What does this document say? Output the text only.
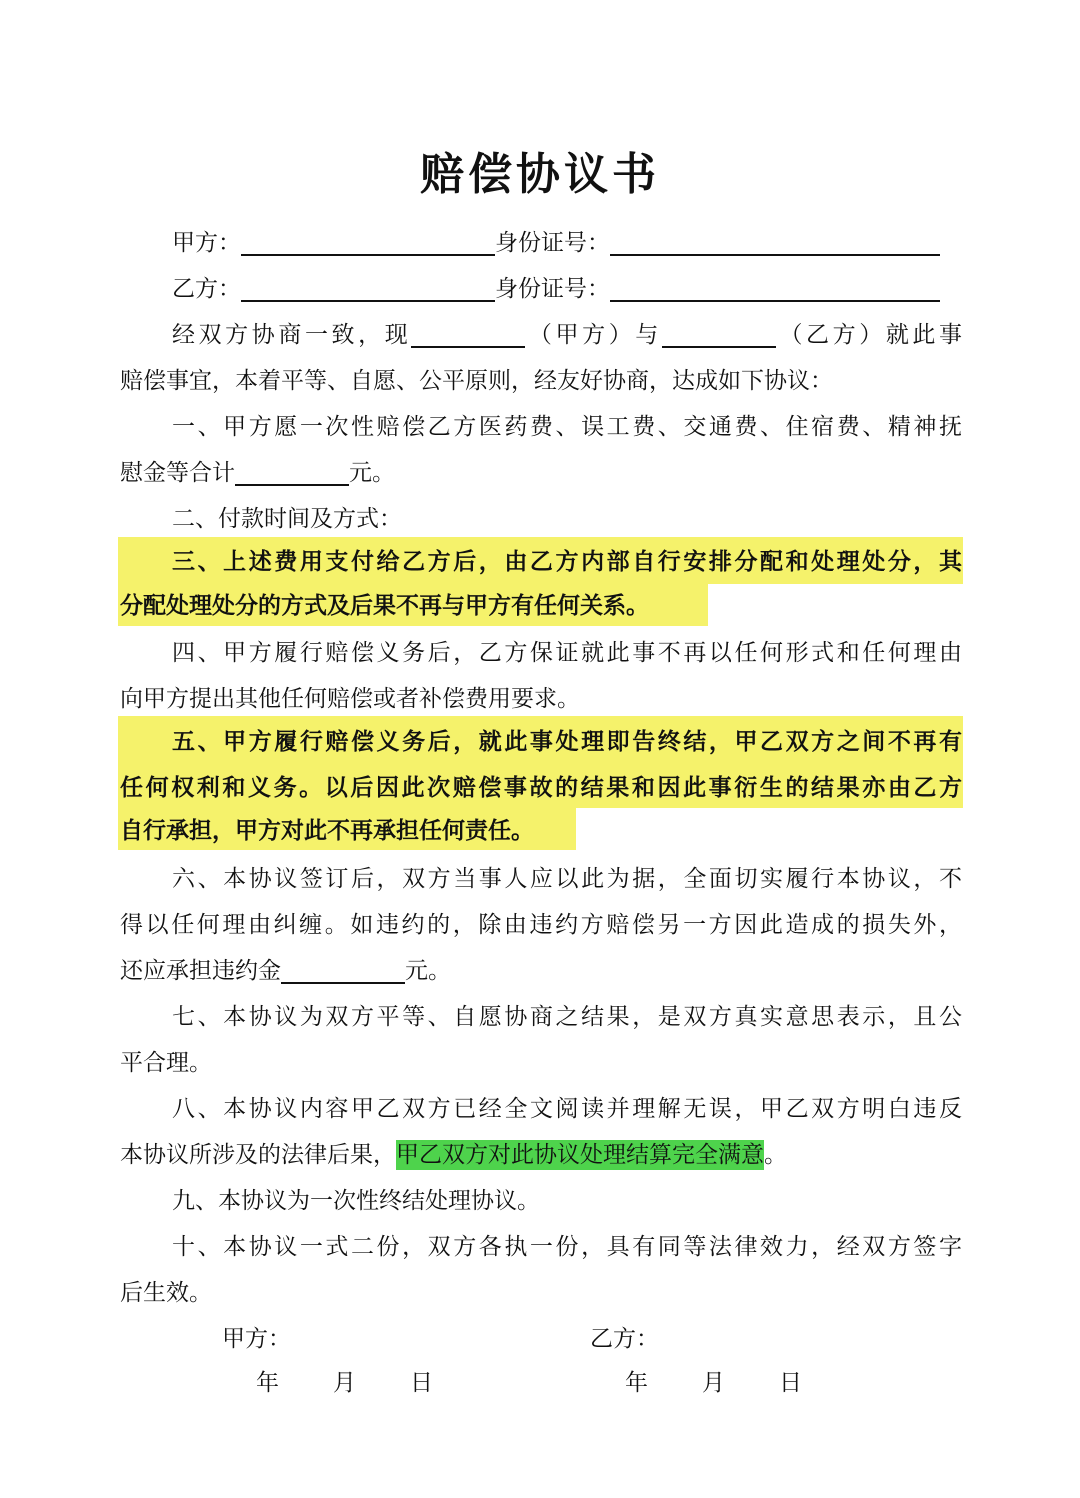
赔偿协议书
甲方：	身份证号：
乙方：	身份证号：
经双方协商一致，现	（甲方）与	（乙方）就此事
赔偿事宜，本着平等、自愿、公平原则，经友好协商，达成如下协议：
一、甲方愿一次性赔偿乙方医药费、误工费、交通费、住宿费、精神抚
慰金等合计	元。
二、付款时间及方式：
三、上述费用支付给乙方后，由乙方内部自行安排分配和处理处分，其
分配处理处分的方式及后果不再与甲方有任何关系。
四、甲方履行赔偿义务后，乙方保证就此事不再以任何形式和任何理由
向甲方提出其他任何赔偿或者补偿费用要求。
五、甲方履行赔偿义务后，就此事处理即告终结，甲乙双方之间不再有
任何权利和义务。以后因此次赔偿事故的结果和因此事衍生的结果亦由乙方
自行承担，甲方对此不再承担任何责任。
六、本协议签订后，双方当事人应以此为据，全面切实履行本协议，不
得以任何理由纠缠。如违约的，除由违约方赔偿另一方因此造成的损失外，
还应承担违约金	元。
七、本协议为双方平等、自愿协商之结果，是双方真实意思表示，且公
平合理。
八、本协议内容甲乙双方已经全文阅读并理解无误，甲乙双方明白违反
本协议所涉及的法律后果，甲乙双方对此协议处理结算完全满意。
九、本协议为一次性终结处理协议。
十、本协议一式二份，双方各执一份，具有同等法律效力，经双方签字
后生效。
甲方：	乙方：
年 月 日	年 月 日
